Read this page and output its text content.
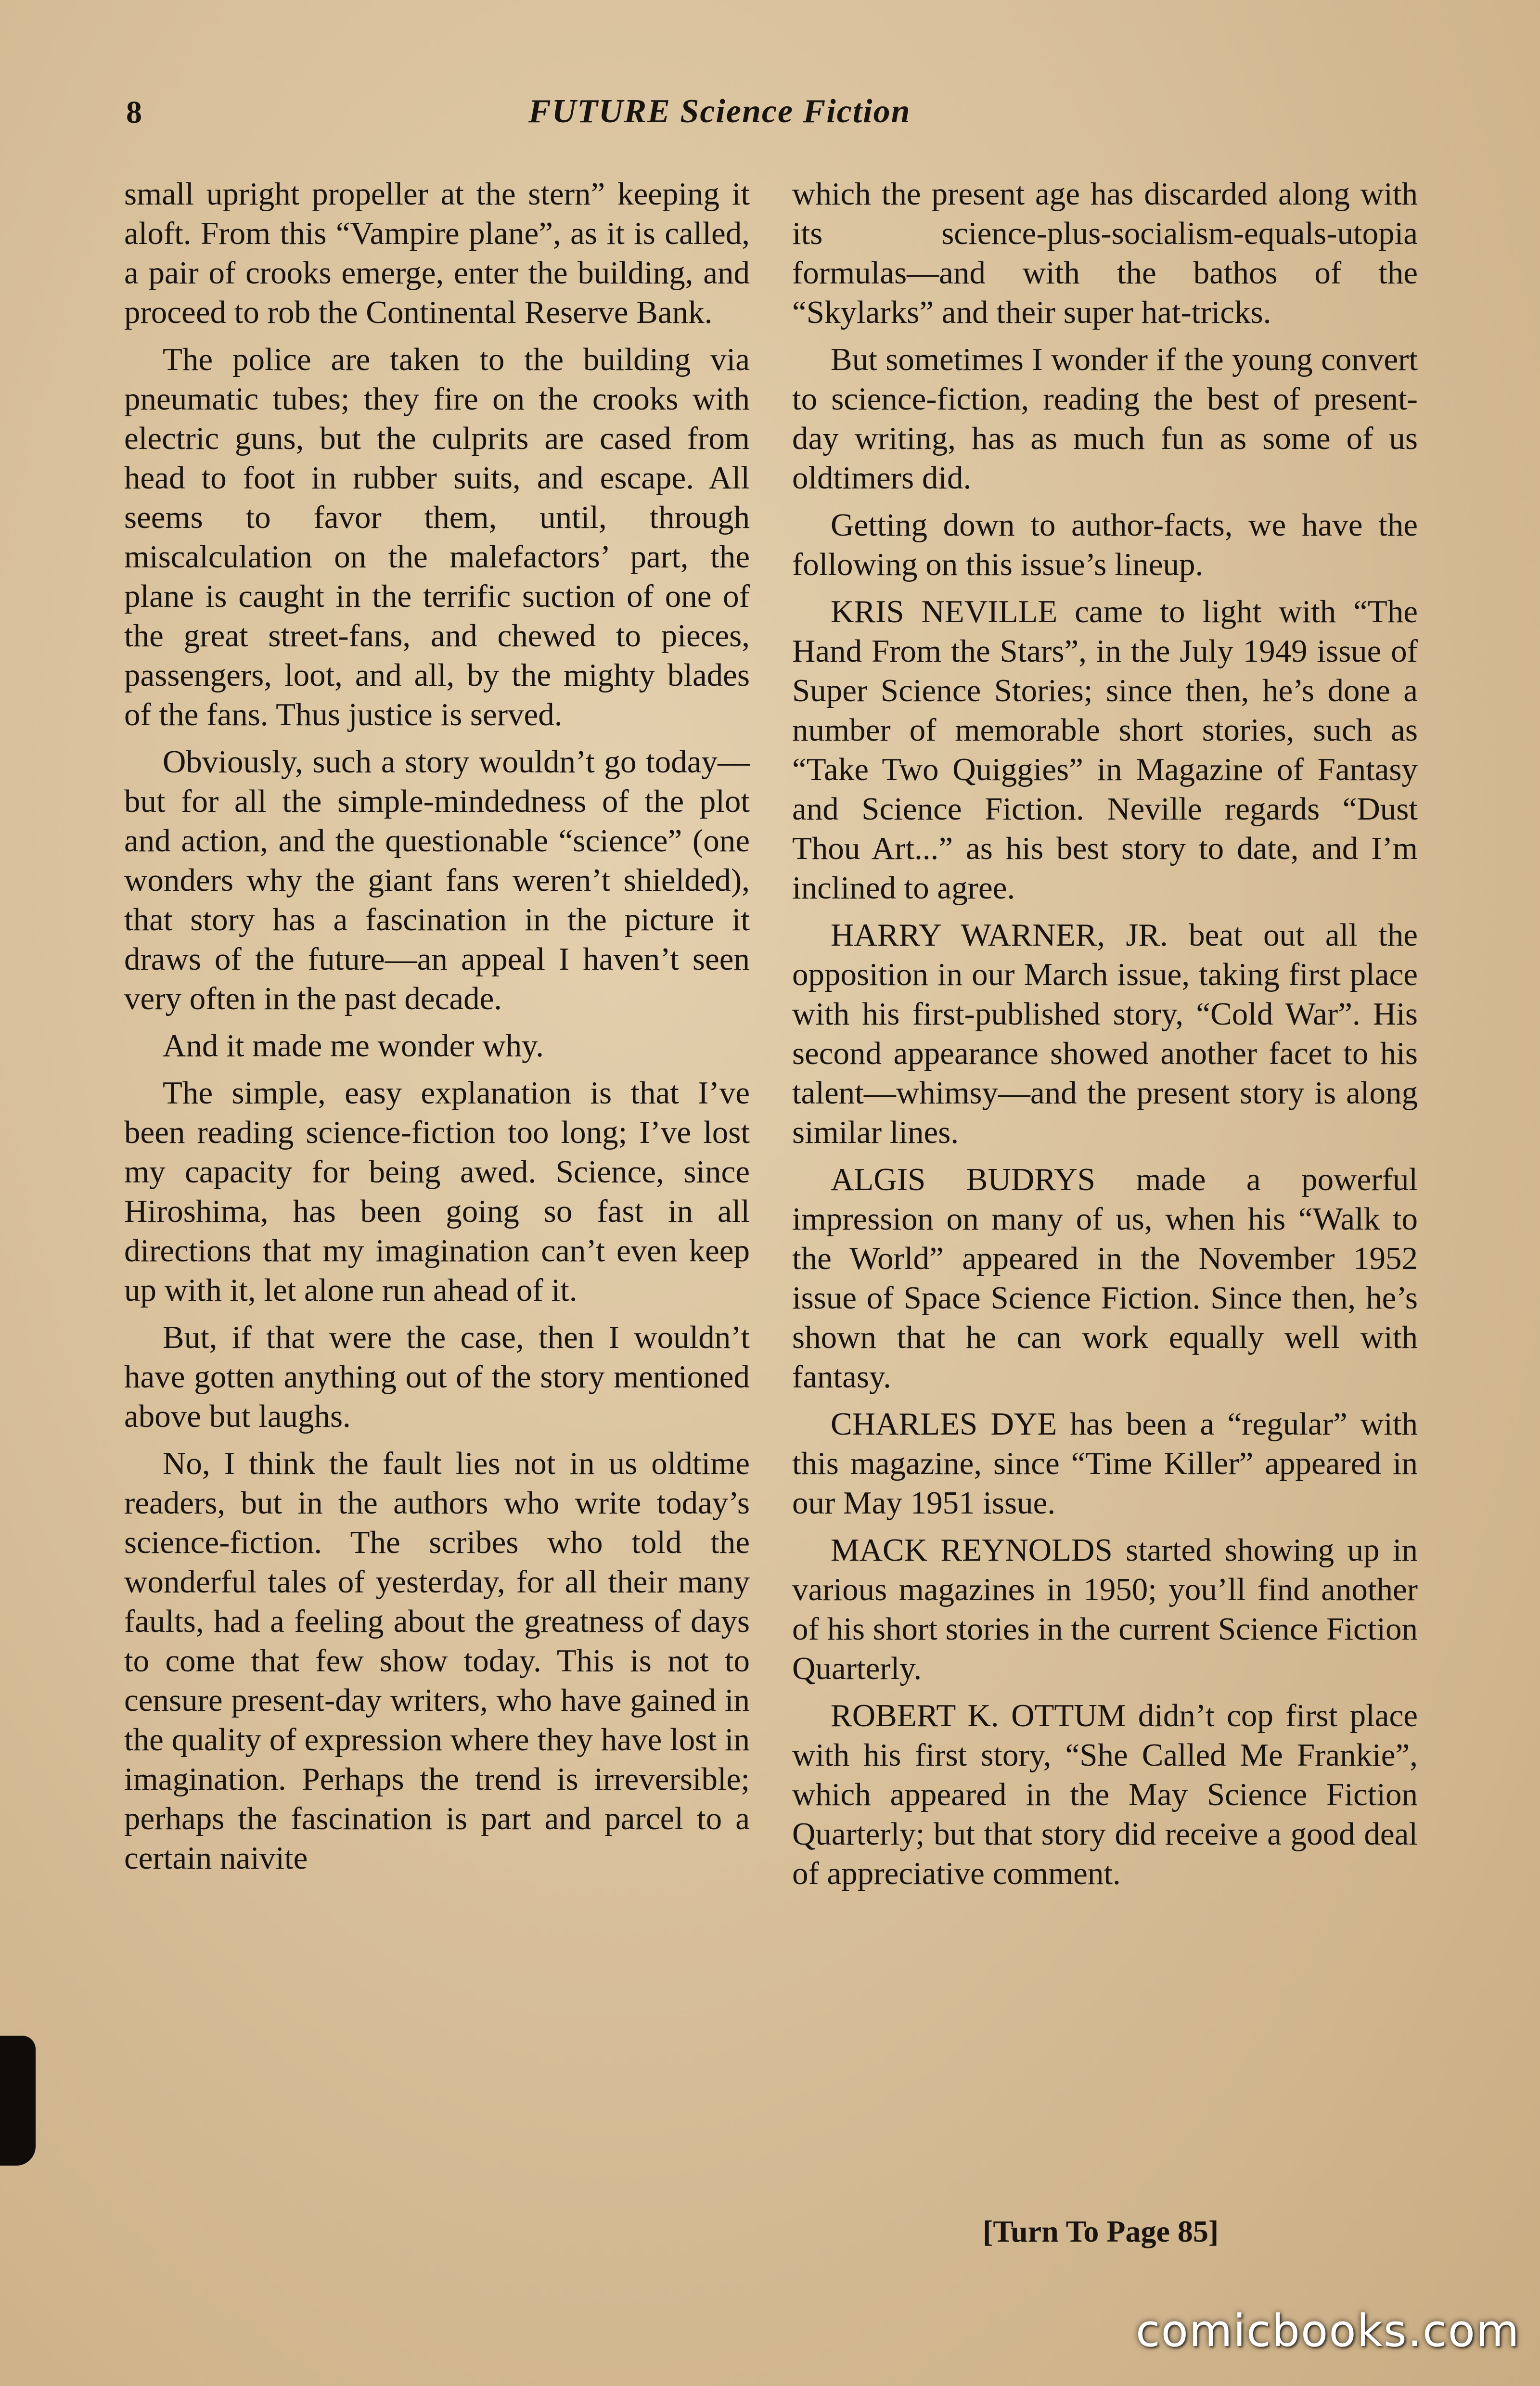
8	FUTURE Science Fiction

small upright propeller at the stern” keeping it aloft. From this “Vampire plane”, as it is called, a pair of crooks emerge, enter the building, and proceed to rob the Continental Reserve Bank.

The police are taken to the building via pneumatic tubes; they fire on the crooks with electric guns, but the culprits are cased from head to foot in rubber suits, and escape. All seems to favor them, until, through miscalculation on the malefactors’ part, the plane is caught in the terrific suction of one of the great street-fans, and chewed to pieces, passengers, loot, and all, by the mighty blades of the fans. Thus justice is served.

Obviously, such a story wouldn’t go today—but for all the simple-mindedness of the plot and action, and the questionable “science” (one wonders why the giant fans weren’t shielded), that story has a fascination in the picture it draws of the future—an appeal I haven’t seen very often in the past decade.

And it made me wonder why.

The simple, easy explanation is that I’ve been reading science-fiction too long; I’ve lost my capacity for being awed. Science, since Hiroshima, has been going so fast in all directions that my imagination can’t even keep up with it, let alone run ahead of it.

But, if that were the case, then I wouldn’t have gotten anything out of the story mentioned above but laughs.

No, I think the fault lies not in us oldtime readers, but in the authors who write today’s science-fiction. The scribes who told the wonderful tales of yesterday, for all their many faults, had a feeling about the greatness of days to come that few show today. This is not to censure present-day writers, who have gained in the quality of expression where they have lost in imagination. Perhaps the trend is irreversible; perhaps the fascination is part and parcel to a certain naivite

which the present age has discarded along with its science-plus-socialism-equals-utopia formulas—and with the bathos of the “Skylarks” and their super hat-tricks.

But sometimes I wonder if the young convert to science-fiction, reading the best of present-day writing, has as much fun as some of us oldtimers did.

Getting down to author-facts, we have the following on this issue’s lineup.

KRIS NEVILLE came to light with “The Hand From the Stars”, in the July 1949 issue of Super Science Stories; since then, he’s done a number of memorable short stories, such as “Take Two Quiggies” in Magazine of Fantasy and Science Fiction. Neville regards “Dust Thou Art...” as his best story to date, and I’m inclined to agree.

HARRY WARNER, JR. beat out all the opposition in our March issue, taking first place with his first-published story, “Cold War”. His second appearance showed another facet to his talent—whimsy—and the present story is along similar lines.

ALGIS BUDRYS made a powerful impression on many of us, when his “Walk to the World” appeared in the November 1952 issue of Space Science Fiction. Since then, he’s shown that he can work equally well with fantasy.

CHARLES DYE has been a “regular” with this magazine, since “Time Killer” appeared in our May 1951 issue.

MACK REYNOLDS started showing up in various magazines in 1950; you’ll find another of his short stories in the current Science Fiction Quarterly.

ROBERT K. OTTUM didn’t cop first place with his first story, “She Called Me Frankie”, which appeared in the May Science Fiction Quarterly; but that story did receive a good deal of appreciative comment.

[Turn To Page 85]
comicbooks.com
